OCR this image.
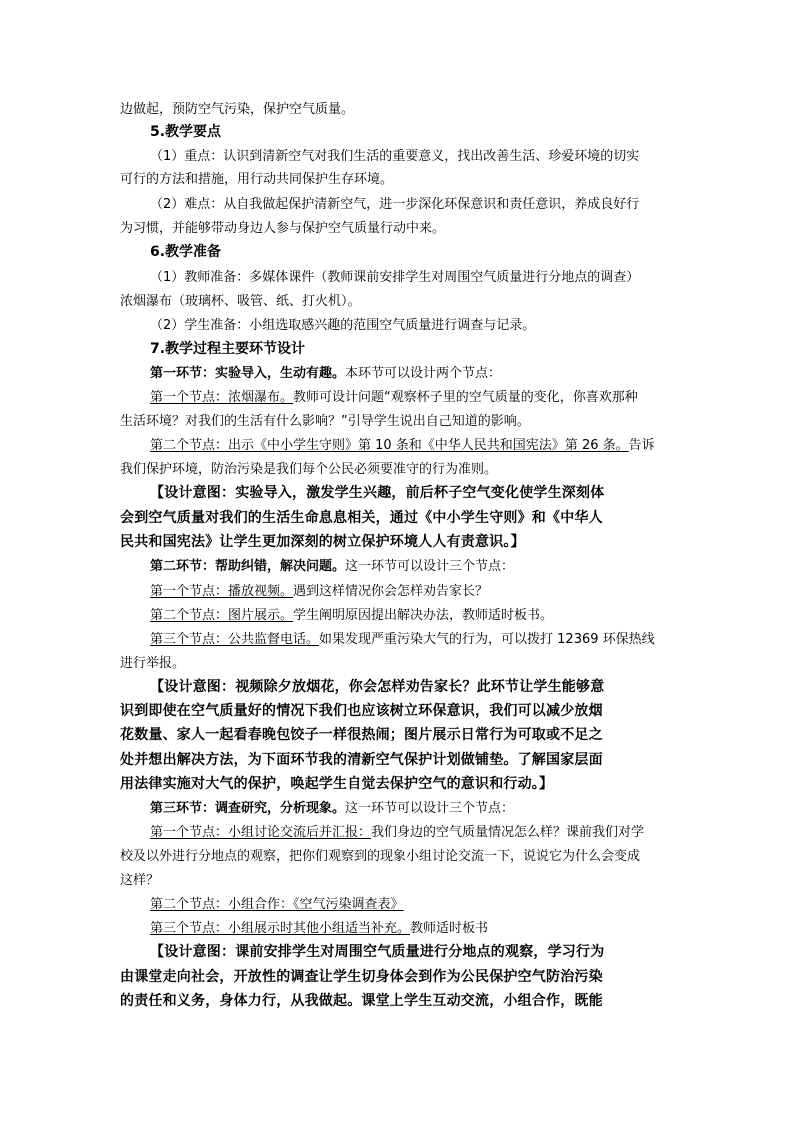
边做起，预防空气污染，保护空气质量。
5.教学要点
（1）重点：认识到清新空气对我们生活的重要意义，找出改善生活、珍爱环境的切实
可行的方法和措施，用行动共同保护生存环境。
（2）难点：从自我做起保护清新空气，进一步深化环保意识和责任意识，养成良好行
为习惯，并能够带动身边人参与保护空气质量行动中来。
6.教学准备
（1）教师准备：多媒体课件（教师课前安排学生对周围空气质量进行分地点的调查）
浓烟瀑布（玻璃杯、吸管、纸、打火机）。
（2）学生准备：小组选取感兴趣的范围空气质量进行调查与记录。
7.教学过程主要环节设计
第一环节：实验导入，生动有趣。本环节可以设计两个节点：
第一个节点：浓烟瀑布。教师可设计问题“观察杯子里的空气质量的变化，你喜欢那种
生活环境？对我们的生活有什么影响？”引导学生说出自己知道的影响。
第二个节点：出示《中小学生守则》第 10 条和《中华人民共和国宪法》第 26 条。告诉
我们保护环境，防治污染是我们每个公民必须要准守的行为准则。
【设计意图：实验导入，激发学生兴趣，前后杯子空气变化使学生深刻体
会到空气质量对我们的生活生命息息相关，通过《中小学生守则》和《中华人
民共和国宪法》让学生更加深刻的树立保护环境人人有责意识。】
第二环节：帮助纠错，解决问题。这一环节可以设计三个节点：
第一个节点：播放视频。遇到这样情况你会怎样劝告家长？
第二个节点：图片展示。学生阐明原因提出解决办法，教师适时板书。
第三个节点：公共监督电话。如果发现严重污染大气的行为，可以拨打 12369 环保热线
进行举报。
【设计意图：视频除夕放烟花，你会怎样劝告家长？此环节让学生能够意
识到即使在空气质量好的情况下我们也应该树立环保意识，我们可以减少放烟
花数量、家人一起看春晚包饺子一样很热闹；图片展示日常行为可取或不足之
处并想出解决方法，为下面环节我的清新空气保护计划做铺垫。了解国家层面
用法律实施对大气的保护，唤起学生自觉去保护空气的意识和行动。】
第三环节：调查研究，分析现象。这一环节可以设计三个节点：
第一个节点：小组讨论交流后并汇报：我们身边的空气质量情况怎么样？课前我们对学
校及以外进行分地点的观察，把你们观察到的现象小组讨论交流一下，说说它为什么会变成
这样？
第二个节点：小组合作：《空气污染调查表》
第三个节点：小组展示时其他小组适当补充。教师适时板书
【设计意图：课前安排学生对周围空气质量进行分地点的观察，学习行为
由课堂走向社会，开放性的调查让学生切身体会到作为公民保护空气防治污染
的责任和义务，身体力行，从我做起。课堂上学生互动交流，小组合作，既能
